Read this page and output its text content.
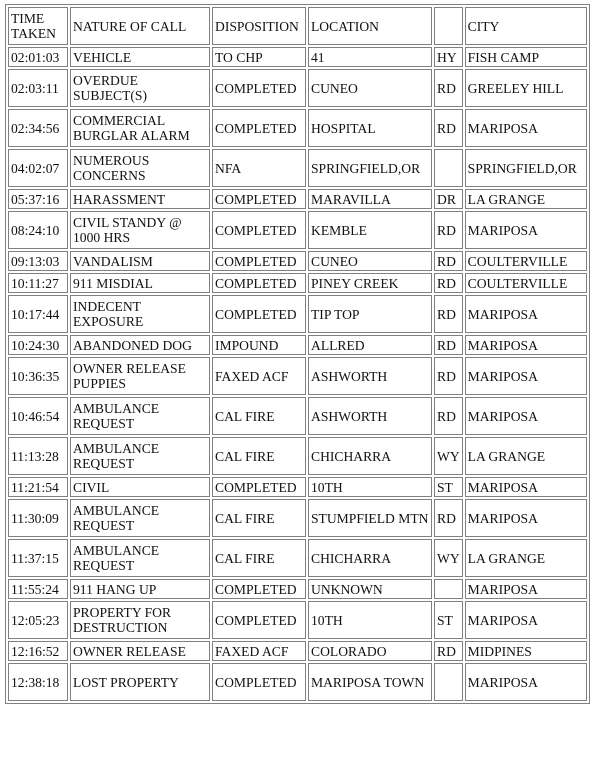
TIME TAKEN	NATURE OF CALL	DISPOSITION	LOCATION		CITY
02:01:03	VEHICLE	TO CHP	41	HY	FISH CAMP
02:03:11	OVERDUE SUBJECT(S)	COMPLETED	CUNEO	RD	GREELEY HILL
02:34:56	COMMERCIAL BURGLAR ALARM	COMPLETED	HOSPITAL	RD	MARIPOSA
04:02:07	NUMEROUS CONCERNS	NFA	SPRINGFIELD,OR		SPRINGFIELD,OR
05:37:16	HARASSMENT	COMPLETED	MARAVILLA	DR	LA GRANGE
08:24:10	CIVIL STANDY @ 1000 HRS	COMPLETED	KEMBLE	RD	MARIPOSA
09:13:03	VANDALISM	COMPLETED	CUNEO	RD	COULTERVILLE
10:11:27	911 MISDIAL	COMPLETED	PINEY CREEK	RD	COULTERVILLE
10:17:44	INDECENT EXPOSURE	COMPLETED	TIP TOP	RD	MARIPOSA
10:24:30	ABANDONED DOG	IMPOUND	ALLRED	RD	MARIPOSA
10:36:35	OWNER RELEASE PUPPIES	FAXED ACF	ASHWORTH	RD	MARIPOSA
10:46:54	AMBULANCE REQUEST	CAL FIRE	ASHWORTH	RD	MARIPOSA
11:13:28	AMBULANCE REQUEST	CAL FIRE	CHICHARRA	WY	LA GRANGE
11:21:54	CIVIL	COMPLETED	10TH	ST	MARIPOSA
11:30:09	AMBULANCE REQUEST	CAL FIRE	STUMPFIELD MTN	RD	MARIPOSA
11:37:15	AMBULANCE REQUEST	CAL FIRE	CHICHARRA	WY	LA GRANGE
11:55:24	911 HANG UP	COMPLETED	UNKNOWN		MARIPOSA
12:05:23	PROPERTY FOR DESTRUCTION	COMPLETED	10TH	ST	MARIPOSA
12:16:52	OWNER RELEASE	FAXED ACF	COLORADO	RD	MIDPINES
12:38:18	LOST PROPERTY	COMPLETED	MARIPOSA TOWN		MARIPOSA
